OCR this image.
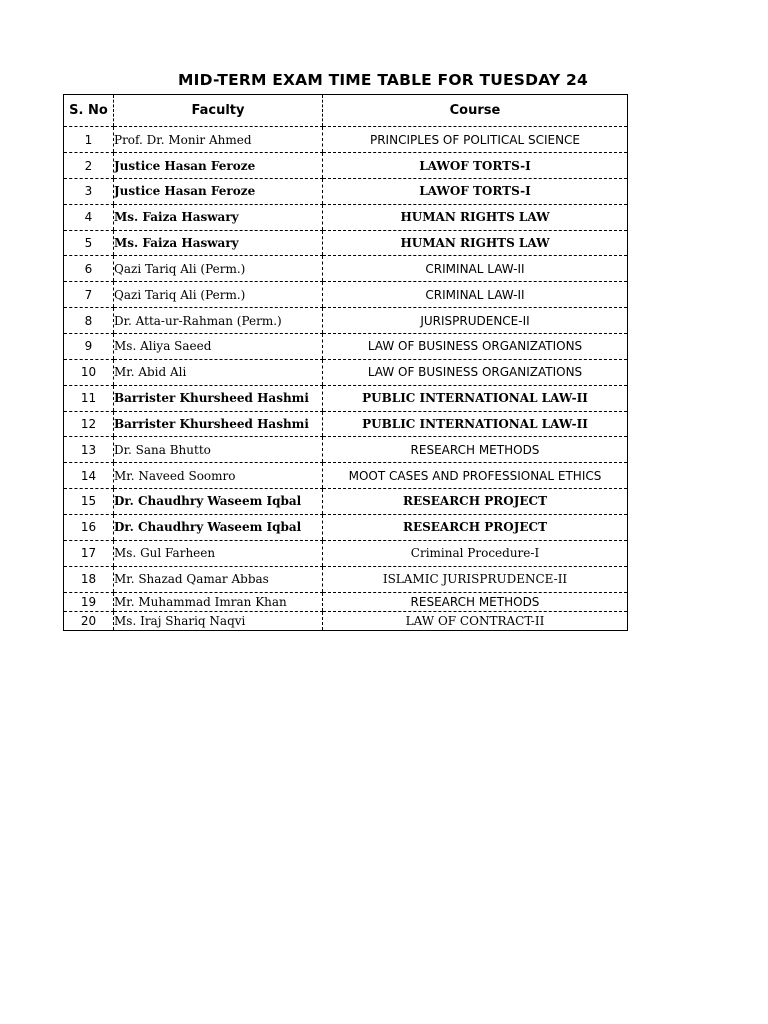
MID-TERM EXAM TIME TABLE FOR TUESDAY 24
S. No	Faculty	Course
1	Prof. Dr. Monir Ahmed	PRINCIPLES OF POLITICAL SCIENCE
2	Justice Hasan Feroze	LAWOF TORTS-I
3	Justice Hasan Feroze	LAWOF TORTS-I
4	Ms. Faiza Haswary	HUMAN RIGHTS LAW
5	Ms. Faiza Haswary	HUMAN RIGHTS LAW
6	Qazi Tariq Ali (Perm.)	CRIMINAL LAW-II
7	Qazi Tariq Ali (Perm.)	CRIMINAL LAW-II
8	Dr. Atta-ur-Rahman (Perm.)	JURISPRUDENCE-II
9	Ms. Aliya Saeed	LAW OF BUSINESS ORGANIZATIONS
10	Mr. Abid Ali	LAW OF BUSINESS ORGANIZATIONS
11	Barrister Khursheed Hashmi	PUBLIC INTERNATIONAL LAW-II
12	Barrister Khursheed Hashmi	PUBLIC INTERNATIONAL LAW-II
13	Dr. Sana Bhutto	RESEARCH METHODS
14	Mr. Naveed Soomro	MOOT CASES AND PROFESSIONAL ETHICS
15	Dr. Chaudhry Waseem Iqbal	RESEARCH PROJECT
16	Dr. Chaudhry Waseem Iqbal	RESEARCH PROJECT
17	Ms. Gul Farheen	Criminal Procedure-I
18	Mr. Shazad Qamar Abbas	ISLAMIC JURISPRUDENCE-II
19	Mr. Muhammad Imran Khan	RESEARCH METHODS
20	Ms. Iraj Shariq Naqvi	LAW OF CONTRACT-II
